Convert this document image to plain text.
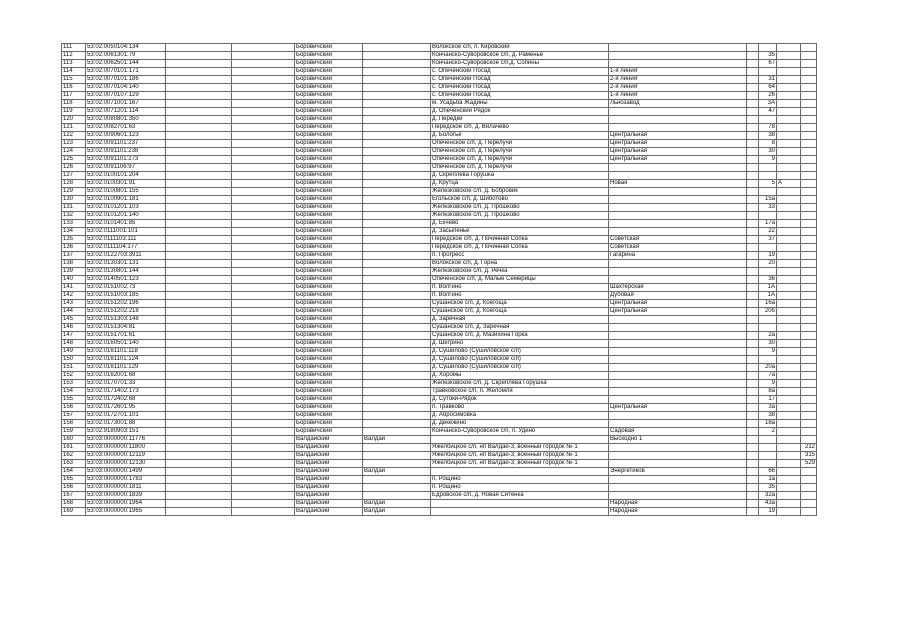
111	53:02:0050104:134			Боровичский		Волокское с/п, п. Кировский					
112	53:02:0061301:79			Боровичский		Кончанско-Суворовское с/п, д. Раменье			35		
113	53:02:0062501:144			Боровичский		Кончанско-Суворовское с/п,д. Сопины			67		
114	53:02:0070101:171			Боровичский		с. Опеченский Посад	1-я линия				
115	53:02:0070101:186			Боровичский		с. Опеченский Посад	2-я линия		31		
116	53:02:0070104:140			Боровичский		с. Опеченский Посад	2-я линия		64		
117	53:02:0070107:129			Боровичский		с. Опеченский Посад	1-я линия		26		
118	53:02:0071001:167			Боровичский		м. Усадьба Жадины	Льнозавод		3А		
119	53:02:0071201:114			Боровичский		д. Опеченский Рядок			47		
120	53:02:0080801:350			Боровичский		д. Передки					
121	53:02:0082701:63			Боровичский		Передское с/п, д. Вилачёво			78		
122	53:02:0090601:123			Боровичский		д. Бологье	Центральная		38		
123	53:02:0091101:237			Боровичский		Опеченское с/п, д. Перелучи	Центральная		8		
124	53:02:0091101:238			Боровичский		Опеченское с/п, д. Перелучи	Центральная		30		
125	53:02:0091101:273			Боровичский		Опеченское с/п, д. Перелучи	Центральная		9		
126	53:02:0091106:97			Боровичский		Опеченское с/п, д. Перелучи					
127	53:02:0100101:204			Боровичский		д. Скреплёва Горушка					
128	53:02:0100301:91			Боровичский		д. Крутца	Новая		5	А	
129	53:02:0100801:155			Боровичский		Железковское с/п, д. Бобровик					
130	53:02:0100901:181			Боровичский		Егольское с/п, д. Шиботово			15а		
131	53:02:0101201:103			Боровичский		Железковское с/п, д. Прошково			33		
132	53:02:0101201:140			Боровичский		Железковское с/п, д. Прошково					
133	53:02:0101401:85			Боровичский		д. Ёкчево			17а		
134	53:02:0111001:101			Боровичский		д. Засыпенье			22		
135	53:02:0111103:111			Боровичский		Передское с/п, д. Починная Сопка	Советская		37		
136	53:02:0111104:177			Боровичский		Передское с/п, д. Починная Сопка	Советская				
137	53:02:0122703:3911			Боровичский		п. Прогресс	Гагарина		19		
138	53:02:0130301:131			Боровичский		Волокское с/п, д. Горна			20		
139	53:02:0130801:144			Боровичский		Железковское с/п, д. Речка					
140	53:02:0140501:123			Боровичский		Опеченское с/п, д. Малые Семерицы			36		
141	53:02:0151002:73			Боровичский		п. Волгино	Шахтёрская		1А		
142	53:02:0151003:185			Боровичский		п. Волгино	Дубовая		1А		
143	53:02:0151202:196			Боровичский		Сушанское с/п, д. Коегоща	Центральная		16а		
144	53:02:0151202:218			Боровичский		Сушанское с/п, д. Коегоща	Центральная		20б		
145	53:02:0151303:148			Боровичский		д. Заречная					
146	53:02:0151304:81			Боровичский		Сушанское с/п, д. Заречная					
147	53:02:0151701:61			Боровичский		Сушанское с/п, д. Мазихина Горка			2а		
148	53:02:0160501:140			Боровичский		д. Шегрино			30		
149	53:02:0161101:118			Боровичский		д. Сушилово (Сушиловское с/п)			9		
150	53:02:0161101:124			Боровичский		д. Сушилово (Сушиловское с/п)					
151	53:02:0161101:129			Боровичский		д. Сушилово (Сушиловское с/п)			20а		
152	53:02:0162001:68			Боровичский		д. Хоромы			7а		
153	53:02:0170701:33			Боровичский		Железковское с/п, д. Скреплёва Горушка			9		
154	53:02:0171402:173			Боровичский		Травковское с/п, п. Желомля			8а		
155	53:02:0172402:68			Боровичский		д. Сутоки-Рядок			17		
156	53:02:0172601:95			Боровичский		п. Травково	Центральная		3а		
157	53:02:0172701:101			Боровичский		д. Абросимовка			38		
158	53:02:0173001:88			Боровичский		д. Декежино			18а		
159	53:02:9180903:151			Боровичский		Кончанско-Суворовское с/п, п. Удино	Садовая		2		
160	53:03:0000000:11776			Валдайский	Валдай		Выскодно 1				
161	53:03:0000000:11800			Валдайский		Яжелбицкое с/п, нп Валдай-3, военный городок № 1					212
162	53:03:0000000:12119			Валдайский		Яжелбицкое с/п, нп Валдай-3, военный городок № 1					315
163	53:03:0000000:12130			Валдайский		Яжелбицкое с/п, нп Валдай-3, военный городок № 1					529
164	53:03:0000000:1499			Валдайский	Валдай		Энергетиков		66		
165	53:03:0000000:1783			Валдайский		п. Рощино			1а		
166	53:03:0000000:1811			Валдайский		п. Рощино			35		
167	53:03:0000000:1839			Валдайский		Едровское с/п, д. Новая Ситенка			32а		
168	53:03:0000000:1964			Валдайский	Валдай		Народная		43а		
169	53:03:0000000:1965			Валдайский	Валдай		Народная		19		
